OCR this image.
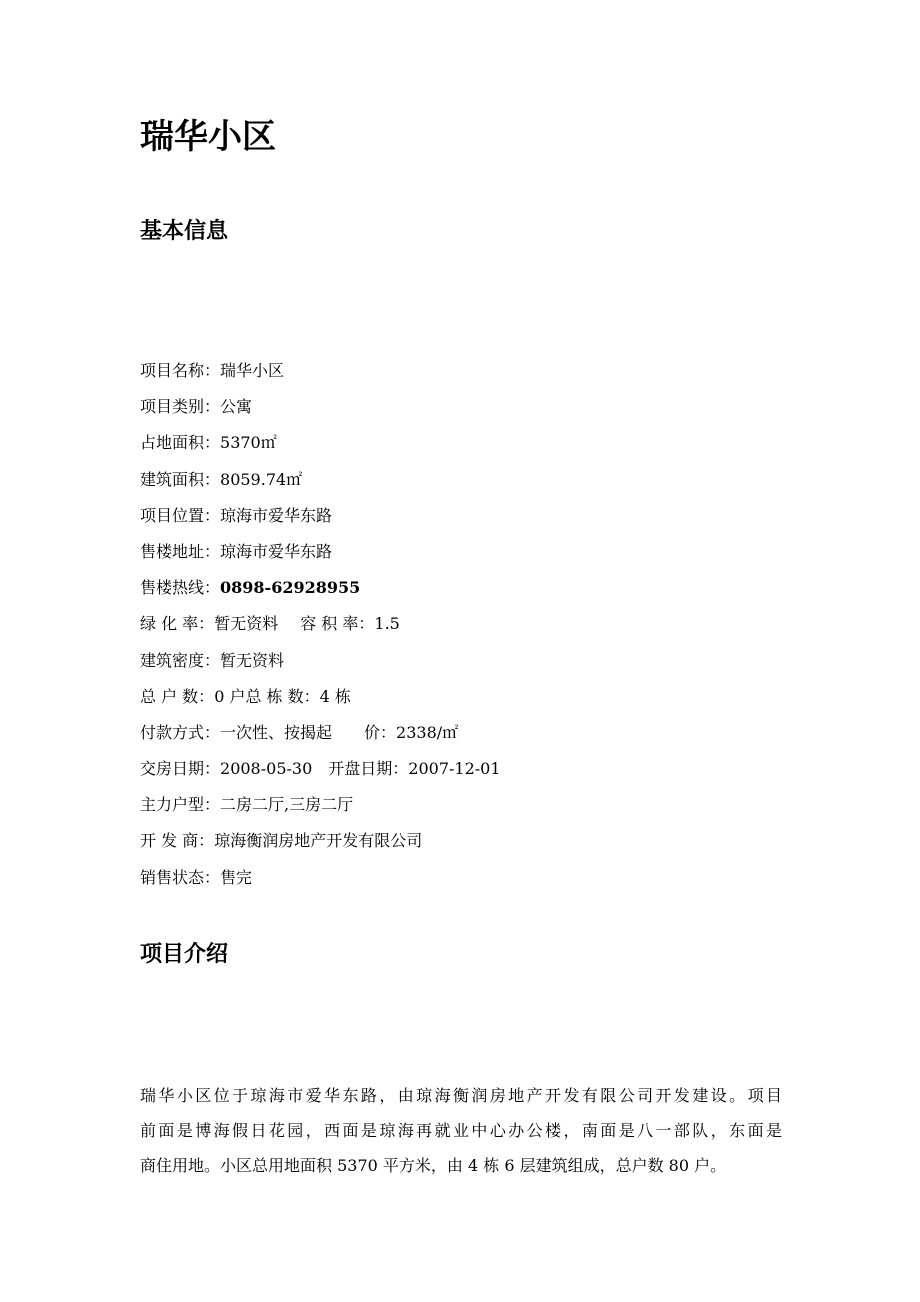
瑞华小区
基本信息
项目名称：瑞华小区
项目类别：公寓
占地面积：5370㎡
建筑面积：8059.74㎡
项目位置：琼海市爱华东路
售楼地址：琼海市爱华东路
售楼热线：0898-62928955
绿 化 率：暂无资料 容 积 率：1.5
建筑密度：暂无资料
总 户 数：0 户总 栋 数：4 栋
付款方式：一次性、按揭起　　价：2338/㎡
交房日期：2008-05-30 开盘日期：2007-12-01
主力户型：二房二厅,三房二厅
开 发 商：琼海衡润房地产开发有限公司
销售状态：售完
项目介绍
瑞华小区位于琼海市爱华东路，由琼海衡润房地产开发有限公司开发建设。项目
前面是博海假日花园，西面是琼海再就业中心办公楼，南面是八一部队，东面是
商住用地。小区总用地面积 5370 平方米，由 4 栋 6 层建筑组成，总户数 80 户。
